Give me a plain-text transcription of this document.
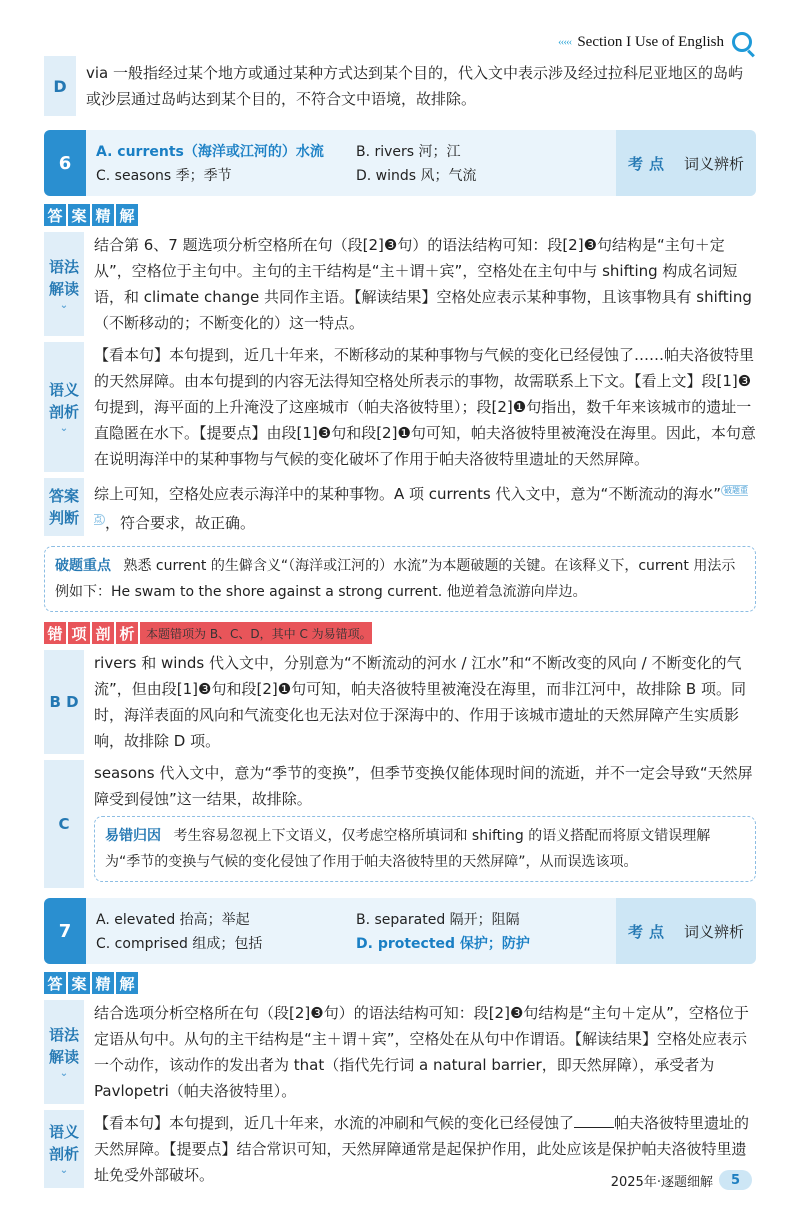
‹‹‹‹‹ Section I Use of English
D
via 一般指经过某个地方或通过某种方式达到某个目的，代入文中表示涉及经过拉科尼亚地区的岛屿或沙层通过岛屿达到某个目的，不符合文中语境，故排除。
6
A. currents（海洋或江河的）水流	B. rivers 河；江
C. seasons 季；季节	D. winds 风；气流
考点 词义辨析
答 案 精 解
语法解读
⌄
结合第 6、7 题选项分析空格所在句（段[2]❸句）的语法结构可知：段[2]❸句结构是“主句＋定从”，空格位于主句中。主句的主干结构是“主＋谓＋宾”，空格处在主句中与 shifting 构成名词短语，和 climate change 共同作主语。【解读结果】空格处应表示某种事物，且该事物具有 shifting（不断移动的；不断变化的）这一特点。
语义剖析
⌄
【看本句】本句提到，近几十年来，不断移动的某种事物与气候的变化已经侵蚀了……帕夫洛彼特里的天然屏障。由本句提到的内容无法得知空格处所表示的事物，故需联系上下文。【看上文】段[1]❸句提到，海平面的上升淹没了这座城市（帕夫洛彼特里）；段[2]❶句指出，数千年来该城市的遗址一直隐匿在水下。【提要点】由段[1]❸句和段[2]❶句可知，帕夫洛彼特里被淹没在海里。因此，本句意在说明海洋中的某种事物与气候的变化破坏了作用于帕夫洛彼特里遗址的天然屏障。
答案判断
综上可知，空格处应表示海洋中的某种事物。A 项 currents 代入文中，意为“不断流动的海水” $^{破题重点}$ ，符合要求，故正确。
破题重点 熟悉 current 的生僻含义“（海洋或江河的）水流”为本题破题的关键。在该释义下，current 用法示例如下：He swam to the shore against a strong current. 他逆着急流游向岸边。
错 项 剖 析 本题错项为 B、C、D，其中 C 为易错项。
B D
rivers 和 winds 代入文中，分别意为“不断流动的河水 / 江水”和“不断改变的风向 / 不断变化的气流”，但由段[1]❸句和段[2]❶句可知，帕夫洛彼特里被淹没在海里，而非江河中，故排除 B 项。同时，海洋表面的风向和气流变化也无法对位于深海中的、作用于该城市遗址的天然屏障产生实质影响，故排除 D 项。
C
seasons 代入文中，意为“季节的变换”，但季节变换仅能体现时间的流逝，并不一定会导致“天然屏障受到侵蚀”这一结果，故排除。
易错归因 考生容易忽视上下文语义，仅考虑空格所填词和 shifting 的语义搭配而将原文错误理解为“季节的变换与气候的变化侵蚀了作用于帕夫洛彼特里的天然屏障”，从而误选该项。
7
A. elevated 抬高；举起	B. separated 隔开；阻隔
C. comprised 组成；包括	D. protected 保护；防护
考点 词义辨析
答 案 精 解
语法解读
⌄
结合选项分析空格所在句（段[2]❸句）的语法结构可知：段[2]❸句结构是“主句＋定从”，空格位于定语从句中。从句的主干结构是“主＋谓＋宾”，空格处在从句中作谓语。【解读结果】空格处应表示一个动作，该动作的发出者为 that（指代先行词 a natural barrier，即天然屏障），承受者为 Pavlopetri（帕夫洛彼特里）。
语义剖析
⌄
【看本句】本句提到，近几十年来，水流的冲刷和气候的变化已经侵蚀了	帕夫洛彼特里遗址的天然屏障。【提要点】结合常识可知，天然屏障通常是起保护作用，此处应该是保护帕夫洛彼特里遗址免受外部破坏。	2025年·逐题细解	5
